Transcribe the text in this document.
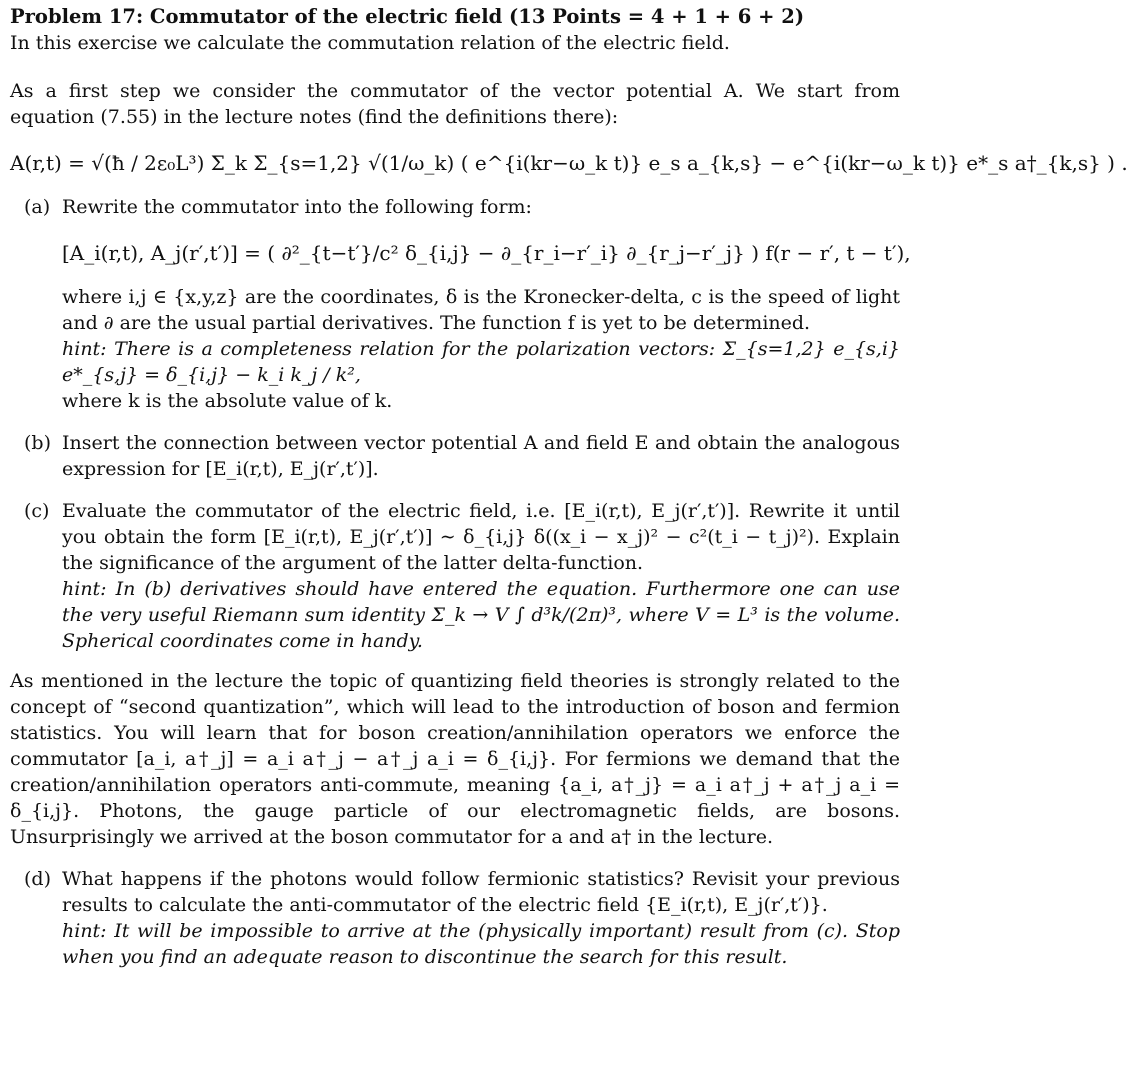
Problem 17: Commutator of the electric field (13 Points = 4 + 1 + 6 + 2)

In this exercise we calculate the commutation relation of the electric field.

As a first step we consider the commutator of the vector potential A. We start from equation (7.55) in the lecture notes (find the definitions there):

A(r,t) = √(ħ / 2ε₀L³) Σ_k Σ_{s=1,2} √(1/ω_k) ( e^{i(kr−ω_k t)} e_s a_{k,s} − e^{i(kr−ω_k t)} e*_s a†_{k,s} ) .
(a) Rewrite the commutator into the following form:

[A_i(r,t), A_j(r′,t′)] = ( ∂²_{t−t′}/c² δ_{i,j} − ∂_{r_i−r′_i} ∂_{r_j−r′_j} ) f(r − r′, t − t′),

where i,j ∈ {x,y,z} are the coordinates, δ is the Kronecker-delta, c is the speed of light and ∂ are the usual partial derivatives. The function f is yet to be determined.

hint: There is a completeness relation for the polarization vectors: Σ_{s=1,2} e_{s,i} e*_{s,j} = δ_{i,j} − k_i k_j / k²,

where k is the absolute value of k.

(b) Insert the connection between vector potential A and field E and obtain the analogous expression for [E_i(r,t), E_j(r′,t′)].

(c) Evaluate the commutator of the electric field, i.e. [E_i(r,t), E_j(r′,t′)]. Rewrite it until you obtain the form [E_i(r,t), E_j(r′,t′)] ∼ δ_{i,j} δ((x_i − x_j)² − c²(t_i − t_j)²). Explain the significance of the argument of the latter delta-function.

hint: In (b) derivatives should have entered the equation. Furthermore one can use the very useful Riemann sum identity Σ_k → V ∫ d³k/(2π)³, where V = L³ is the volume. Spherical coordinates come in handy.

As mentioned in the lecture the topic of quantizing field theories is strongly related to the concept of “second quantization”, which will lead to the introduction of boson and fermion statistics. You will learn that for boson creation/annihilation operators we enforce the commutator [a_i, a†_j] = a_i a†_j − a†_j a_i = δ_{i,j}. For fermions we demand that the creation/annihilation operators anti-commute, meaning {a_i, a†_j} = a_i a†_j + a†_j a_i = δ_{i,j}. Photons, the gauge particle of our electromagnetic fields, are bosons. Unsurprisingly we arrived at the boson commutator for a and a† in the lecture.

(d) What happens if the photons would follow fermionic statistics? Revisit your previous results to calculate the anti-commutator of the electric field {E_i(r,t), E_j(r′,t′)}.

hint: It will be impossible to arrive at the (physically important) result from (c). Stop when you find an adequate reason to discontinue the search for this result.
